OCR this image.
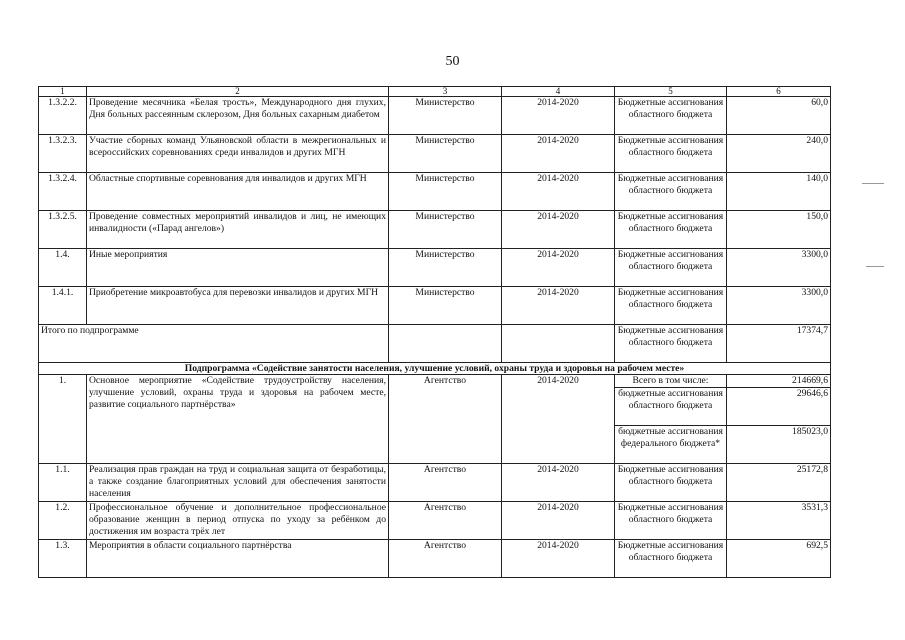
50
1	2	3	4	5	6
1.3.2.2.	Проведение месячника «Белая трость», Международного дня глухих, Дня больных рассеянным склерозом, Дня больных сахарным диабетом	Министерство	2014-2020	Бюджетные ассигнования областного бюджета	60,0
1.3.2.3.	Участие сборных команд Ульяновской области в межрегиональных и всероссийских соревнованиях среди инвалидов и других МГН	Министерство	2014-2020	Бюджетные ассигнования областного бюджета	240,0
1.3.2.4.	Областные спортивные соревнования для инвалидов и других МГН	Министерство	2014-2020	Бюджетные ассигнования областного бюджета	140,0
1.3.2.5.	Проведение совместных мероприятий инвалидов и лиц, не имеющих инвалидности («Парад ангелов»)	Министерство	2014-2020	Бюджетные ассигнования областного бюджета	150,0
1.4.	Иные мероприятия	Министерство	2014-2020	Бюджетные ассигнования областного бюджета	3300,0
1.4.1.	Приобретение микроавтобуса для перевозки инвалидов и других МГН	Министерство	2014-2020	Бюджетные ассигнования областного бюджета	3300,0
Итого по подпрограмме				Бюджетные ассигнования областного бюджета	17374,7
Подпрограмма «Содействие занятости населения, улучшение условий, охраны труда и здоровья на рабочем месте»					
1.	Основное мероприятие «Содействие трудоустройству населения, улучшение условий, охраны труда и здоровья на рабочем месте, развитие социального партнёрства»	Агентство	2014-2020	Всего в том числе:	214669,6
				бюджетные ассигнования областного бюджета	29646,6
				бюджетные ассигнования федерального бюджета*	185023,0
1.1.	Реализация прав граждан на труд и социальная защита от безработицы, а также создание благоприятных условий для обеспечения занятости населения	Агентство	2014-2020	Бюджетные ассигнования областного бюджета	25172,8
1.2.	Профессиональное обучение и дополнительное профессиональное образование женщин в период отпуска по уходу за ребёнком до достижения им возраста трёх лет	Агентство	2014-2020	Бюджетные ассигнования областного бюджета	3531,3
1.3.	Мероприятия в области социального партнёрства	Агентство	2014-2020	Бюджетные ассигнования областного бюджета	692,5
